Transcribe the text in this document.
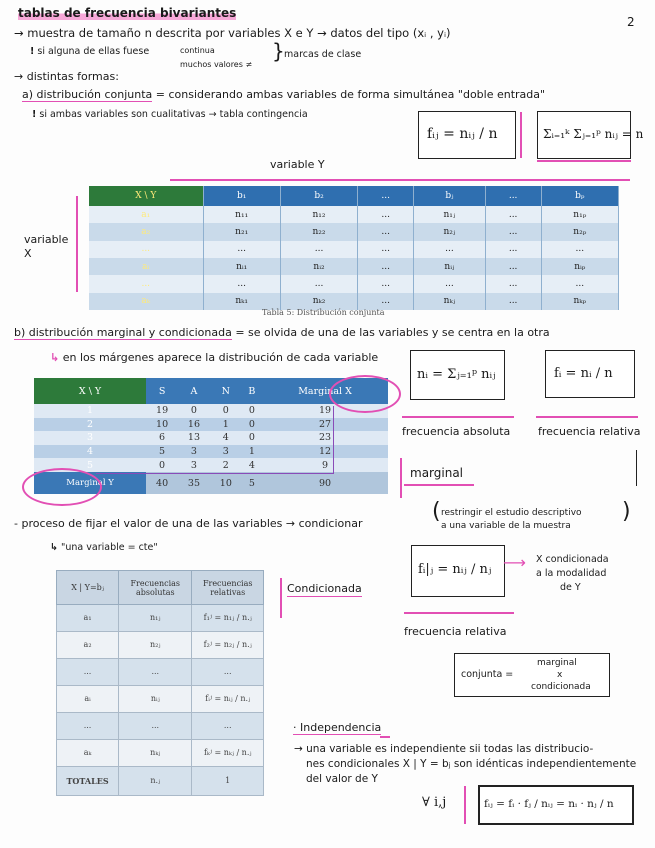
2
tablas de frecuencia bivariantes
→ muestra de tamaño n descrita por variables X e Y → datos del tipo (xᵢ , yᵢ)
! si alguna de ellas fuese	continua
muchos valores ≠
} marcas de clase
→ distintas formas:
a) distribución conjunta = considerando ambas variables de forma simultánea "doble entrada"
! si ambas variables son cualitativas → tabla contingencia
fᵢⱼ = nᵢⱼ / n	Σᵢ₌₁ᵏ Σⱼ₌₁ᵖ nᵢⱼ = n
variable Y
variable X
X \ Y	b₁	b₂	...	bⱼ	...	bₚ
a₁	n₁₁	n₁₂	...	n₁ⱼ	...	n₁ₚ
a₂	n₂₁	n₂₂	...	n₂ⱼ	...	n₂ₚ
...	...	...	...	...	...	...
aᵢ	nᵢ₁	nᵢ₂	...	nᵢⱼ	...	nᵢₚ
...	...	...	...	...	...	...
aₖ	nₖ₁	nₖ₂	...	nₖⱼ	...	nₖₚ
Tabla 5: Distribución conjunta
b) distribución marginal y condicionada = se olvida de una de las variables y se centra en la otra
↳ en los márgenes aparece la distribución de cada variable
nᵢ = Σⱼ₌₁ᵖ nᵢⱼ	fᵢ = nᵢ / n
frecuencia absoluta	frecuencia relativa
marginal
X \ Y	S	A	N	B	Marginal X
1	19	0	0	0	19
2	10	16	1	0	27
3	6	13	4	0	23
4	5	3	3	1	12
5	0	3	2	4	9
Marginal Y	40	35	10	5	90
- proceso de fijar el valor de una de las variables → condicionar	( restringir el estudio descriptivo
a una variable de la muestra
)
↳ "una variable = cte"
X | Y=bⱼ	Frecuencias absolutas	Frecuencias relativas
a₁	n₁ⱼ	f₁ʲ = n₁ⱼ / n.ⱼ
a₂	n₂ⱼ	f₂ʲ = n₂ⱼ / n.ⱼ
...	...	...
aᵢ	nᵢⱼ	fᵢʲ = nᵢⱼ / n.ⱼ
...	...	...
aₖ	nₖⱼ	fₖʲ = nₖⱼ / n.ⱼ
TOTALES	n.ⱼ	1
Condicionada
fᵢ|ⱼ = nᵢⱼ / nⱼ ⟶ X condicionada
a la modalidad
de Y
frecuencia relativa
conjunta =
marginal
x
condicionada
· Independencia
→ una variable es independiente sii todas las distribucio-
nes condicionales X | Y = bⱼ son idénticas independientemente
del valor de Y
∀ i,j	fᵢⱼ = fᵢ · fⱼ / nᵢⱼ = nᵢ · nⱼ / n
